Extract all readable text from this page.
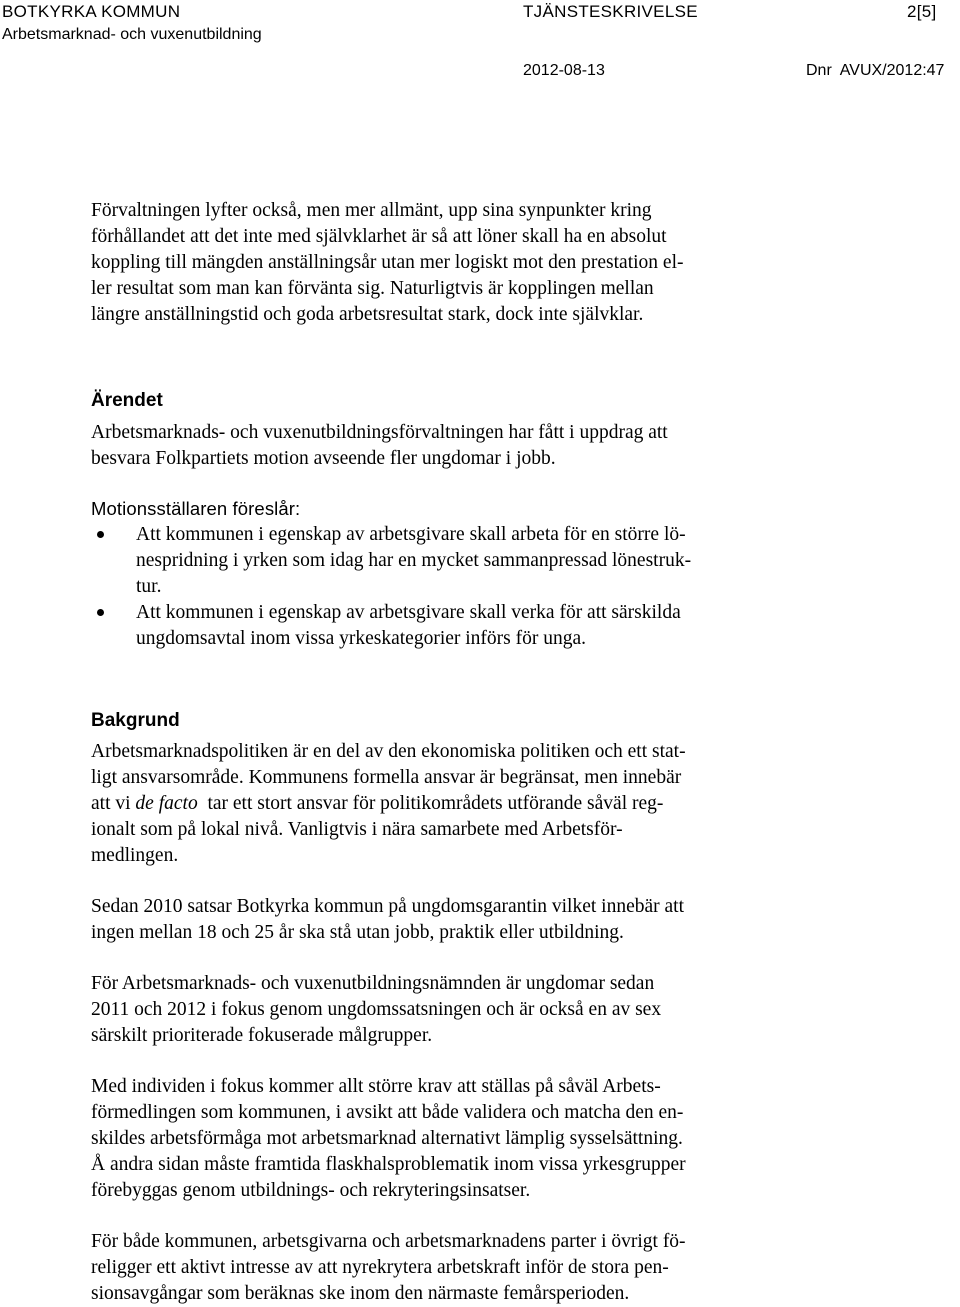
BOTKYRKA KOMMUN
Arbetsmarknad- och vuxenutbildning
TJÄNSTESKRIVELSE	2[5]
2012-08-13	Dnr  AVUX/2012:47

Förvaltningen lyfter också, men mer allmänt, upp sina synpunkter kring
förhållandet att det inte med självklarhet är så att löner skall ha en absolut
koppling till mängden anställningsår utan mer logiskt mot den prestation el-
ler resultat som man kan förvänta sig. Naturligtvis är kopplingen mellan
längre anställningstid och goda arbetsresultat stark, dock inte självklar.

Ärendet

Arbetsmarknads- och vuxenutbildningsförvaltningen har fått i uppdrag att
besvara Folkpartiets motion avseende fler ungdomar i jobb.

Motionsställaren föreslår:

Att kommunen i egenskap av arbetsgivare skall arbeta för en större lö-
nespridning i yrken som idag har en mycket sammanpressad lönestruk-
tur.
Att kommunen i egenskap av arbetsgivare skall verka för att särskilda
ungdomsavtal inom vissa yrkeskategorier införs för unga.
Bakgrund

Arbetsmarknadspolitiken är en del av den ekonomiska politiken och ett stat-
ligt ansvarsområde. Kommunens formella ansvar är begränsat, men innebär
att vi de facto  tar ett stort ansvar för politikområdets utförande såväl reg-
ionalt som på lokal nivå. Vanligtvis i nära samarbete med Arbetsför-
medlingen.

Sedan 2010 satsar Botkyrka kommun på ungdomsgarantin vilket innebär att
ingen mellan 18 och 25 år ska stå utan jobb, praktik eller utbildning.

För Arbetsmarknads- och vuxenutbildningsnämnden är ungdomar sedan
2011 och 2012 i fokus genom ungdomssatsningen och är också en av sex
särskilt prioriterade fokuserade målgrupper.

Med individen i fokus kommer allt större krav att ställas på såväl Arbets-
förmedlingen som kommunen, i avsikt att både validera och matcha den en-
skildes arbetsförmåga mot arbetsmarknad alternativt lämplig sysselsättning.
Å andra sidan måste framtida flaskhalsproblematik inom vissa yrkesgrupper
förebyggas genom utbildnings- och rekryteringsinsatser.

För både kommunen, arbetsgivarna och arbetsmarknadens parter i övrigt fö-
religger ett aktivt intresse av att nyrekrytera arbetskraft inför de stora pen-
sionsavgångar som beräknas ske inom den närmaste femårsperioden.
